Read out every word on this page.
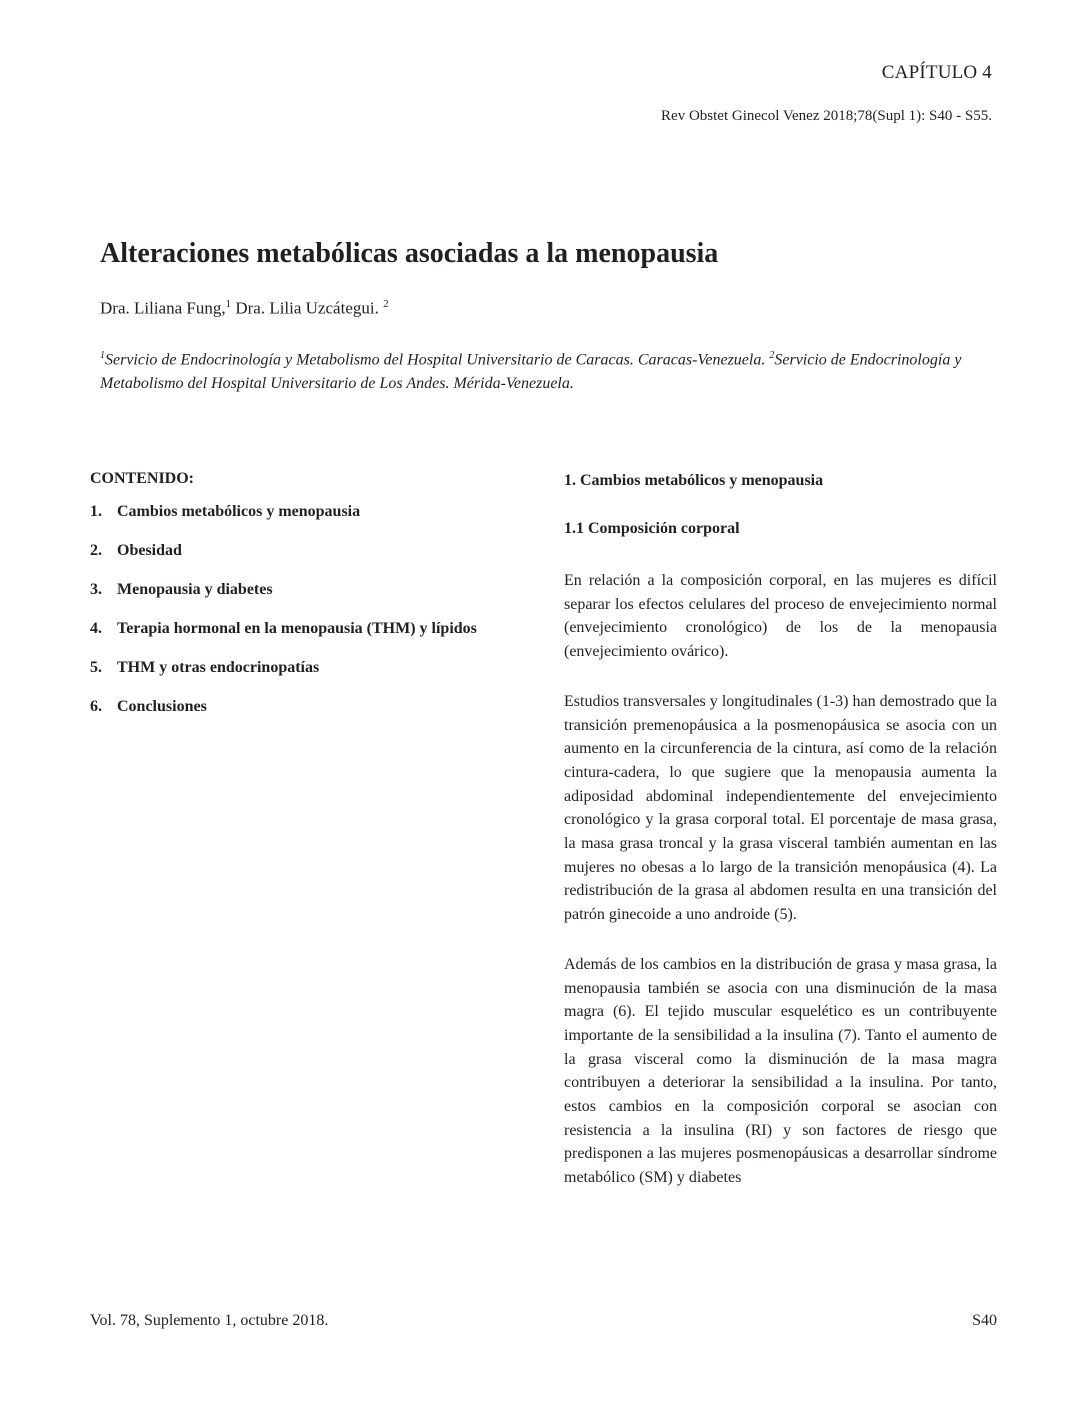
CAPÍTULO 4
Rev Obstet Ginecol Venez 2018;78(Supl 1): S40 - S55.
Alteraciones metabólicas asociadas a la menopausia
Dra. Liliana Fung,$^1$ Dra. Lilia Uzcátegui. $^2$
$^1$Servicio de Endocrinología y Metabolismo del Hospital Universitario de Caracas. Caracas-Venezuela. $^2$Servicio de Endocrinología y Metabolismo del Hospital Universitario de Los Andes. Mérida-Venezuela.
CONTENIDO:
1. Cambios metabólicos y menopausia
2. Obesidad
3. Menopausia y diabetes
4. Terapia hormonal en la menopausia (THM) y lípidos
5. THM y otras endocrinopatías
6. Conclusiones
1. Cambios metabólicos y menopausia
1.1 Composición corporal

En relación a la composición corporal, en las mujeres es difícil separar los efectos celulares del proceso de envejecimiento normal (envejecimiento cronológico) de los de la menopausia (envejecimiento ovárico).

Estudios transversales y longitudinales (1-3) han demostrado que la transición premenopáusica a la posmenopáusica se asocia con un aumento en la circunferencia de la cintura, así como de la relación cintura-cadera, lo que sugiere que la menopausia aumenta la adiposidad abdominal independientemente del envejecimiento cronológico y la grasa corporal total. El porcentaje de masa grasa, la masa grasa troncal y la grasa visceral también aumentan en las mujeres no obesas a lo largo de la transición menopáusica (4). La redistribución de la grasa al abdomen resulta en una transición del patrón ginecoide a uno androide (5).

Además de los cambios en la distribución de grasa y masa grasa, la menopausia también se asocia con una disminución de la masa magra (6). El tejido muscular esquelético es un contribuyente importante de la sensibilidad a la insulina (7). Tanto el aumento de la grasa visceral como la disminución de la masa magra contribuyen a deteriorar la sensibilidad a la insulina. Por tanto, estos cambios en la composición corporal se asocian con resistencia a la insulina (RI) y son factores de riesgo que predisponen a las mujeres posmenopáusicas a desarrollar síndrome metabólico (SM) y diabetes

Vol. 78, Suplemento 1, octubre 2018.	S40
